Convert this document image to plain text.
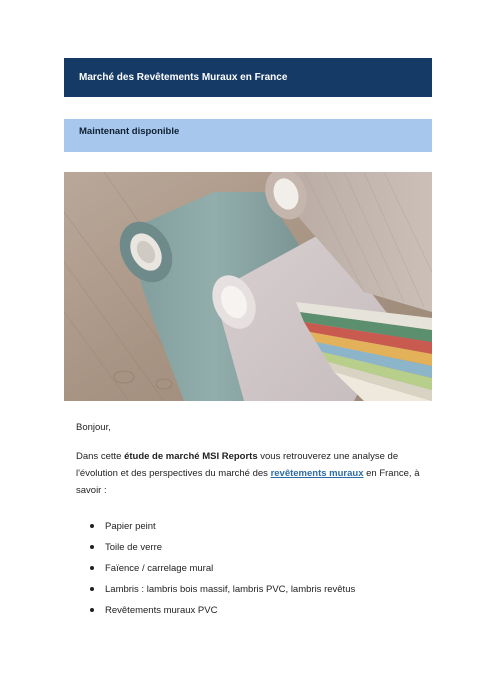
Marché des Revêtements Muraux en France
Maintenant disponible
Bonjour,
Dans cette étude de marché MSI Reports vous retrouverez une analyse de l'évolution et des perspectives du marché des revêtements muraux en France, à savoir :
Papier peint
Toile de verre
Faïence / carrelage mural
Lambris : lambris bois massif, lambris PVC, lambris revêtus
Revêtements muraux PVC
